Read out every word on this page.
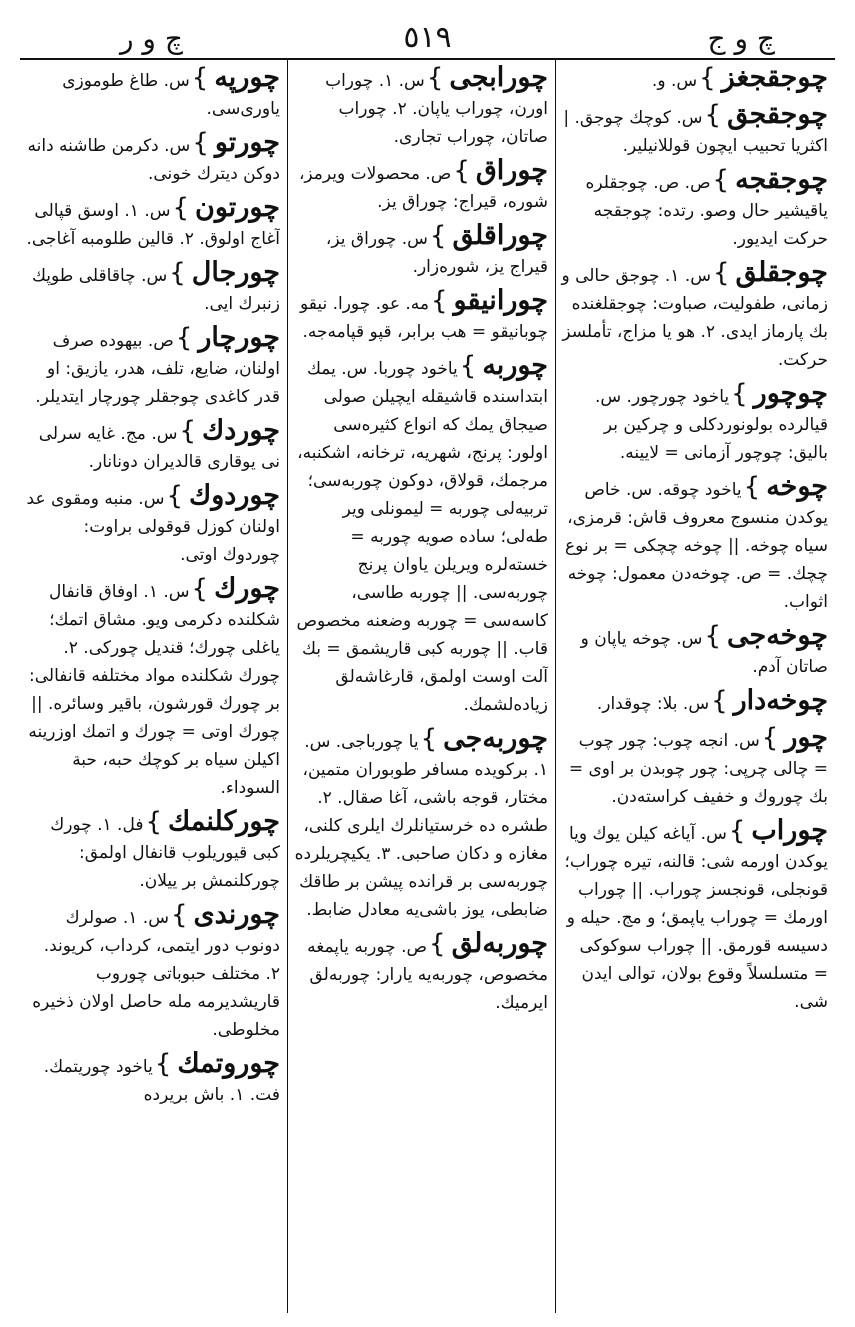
چ و ر	٥١٩	چ و ج
چوجقجغز}س. و.
چوجقجق}س. كوچك چوجق. | اكثريا تحبيب ايچون قوللانيلير.
چوجقجه}ص. ص. چوجقلره ياقيشير حال وصو. رتده: چوجقجه حركت ايديور.
چوجقلق}س. ١. چوجق حالى و زمانى، طفوليت، صباوت: چوجقلغنده بك پارماز ايدى. ٢. هو يا مزاج، تأملسز حركت.
چوچور}ياخود چورچور. س. قيالرده بولونوردكلى و چركين بر باليق: چوچور آزمانى = لايينه.
چوخه}ياخود چوقه. س. خاص يوكدن منسوج معروف قاش: قرمزى، سياه چوخه. || چوخه چچكى = بر نوع چچك. = ص. چوخه‌دن معمول: چوخه اثواب.
چوخه‌جى}س. چوخه ياپان و صاتان آدم.
چوخه‌دار}س. بلا: چوقدار.
چور}س. انجه چوب: چور چوب = چالى چرپى: چور چوبدن بر اوى = بك چوروك و خفيف كراسته‌دن.
چوراب}س. آياغه كيلن يوك ويا يوكدن اورمه شى: قالنه، تيره چوراب؛ قونجلى، قونجسز چوراب. || چوراب اورمك = چوراب ياپمق؛ و مج. حيله و دسيسه قورمق. || چوراب سوكوكى = متسلسلاً وقوع بولان، توالى ايدن شى.
چورابجى}س. ١. چوراب اورن، چوراب ياپان. ٢. چوراب صاتان، چوراب تجارى.
چوراق}ص. محصولات ويرمز، شوره، قيراج: چوراق يز.
چوراقلق}س. چوراق يز، قيراج يز، شوره‌زار.
چورانيقو}مه. عو. چورا. نيقو چوبانيقو = هب برابر، قپو قپامه‌جه.
چوربه}ياخود چوربا. س. يمك ابتداسنده قاشيقله ايچيلن صولى صيجاق يمك كه انواع كثيره‌سى اولور: پرنج، شهريه، ترخانه، اشكنبه، مرجمك، قولاق، دوكون چوربه‌سى؛ تربيه‌لى چوربه = ليمونلى وير طه‌لى؛ ساده صويه چوربه = خسته‌لره ويريلن ياوان پرنج چوربه‌سى. || چوربه طاسى، كاسه‌سى = چوربه وضعنه مخصوص قاب. || چوربه كبى قاريشمق = بك آلت اوست اولمق، قارغاشه‌لق زياده‌لشمك.
چوربه‌جى}يا چورباجى. س. ١. بركويده مسافر طوبوران متمين، مختار، قوجه باشى، آغا صقال. ٢. طشره ده خرستيانلرك ايلرى كلنى، مغازه و دكان صاحبى. ٣. يكيچريلرده چوربه‌سى بر قرانده پيشن بر طاقك ضابطى، يوز باشى‌يه معادل ضابط.
چوربه‌لق}ص. چوربه ياپمغه مخصوص، چوربه‌يه يارار: چوربه‌لق ايرميك.
چورپه}س. طاغ طوموزى ياورى‌سى.
چورتو}س. دكرمن طاشنه دانه دوكن ديترك خونى.
چورتون}س. ١. اوسق قپالى آغاج اولوق. ٢. قالين طلومبه آغاجى.
چورجال}س. چاقاقلى طوپك زنبرك ايى.
چورچار}ص. بيهوده صرف اولنان، ضايع، تلف، هدر، يازيق: او قدر كاغدى چوجقلر چورچار ايتديلر.
چوردك}س. مج. غايه سرلى نى يوقارى قالديران دونانار.
چوردوك}س. منبه ومقوى عد اولنان كوزل قوقولى براوت: چوردوك اوتى.
چورك}س. ١. اوفاق قانفال شكلنده دكرمى ويو. مشاق اتمك؛ ياغلى چورك؛ قنديل چوركى. ٢. چورك شكلنده مواد مختلفه قانفالى: بر چورك قورشون، باقير وسائره. || چورك اوتى = چورك و اتمك اوزرينه اكيلن سياه بر كوچك حبه، حبة السوداء.
چوركلنمك}فل. ١. چورك كبى قيوريلوب قانفال اولمق: چوركلنمش بر ييلان.
چورندى}س. ١. صولرك دونوب دور ايتمى، كرداب، كريوند. ٢. مختلف حبوباتى چوروب قاريشديرمه‌ مله حاصل اولان ذخيره مخلوطى.
چوروتمك}ياخود چوريتمك. فت. ١. باش بريرده
